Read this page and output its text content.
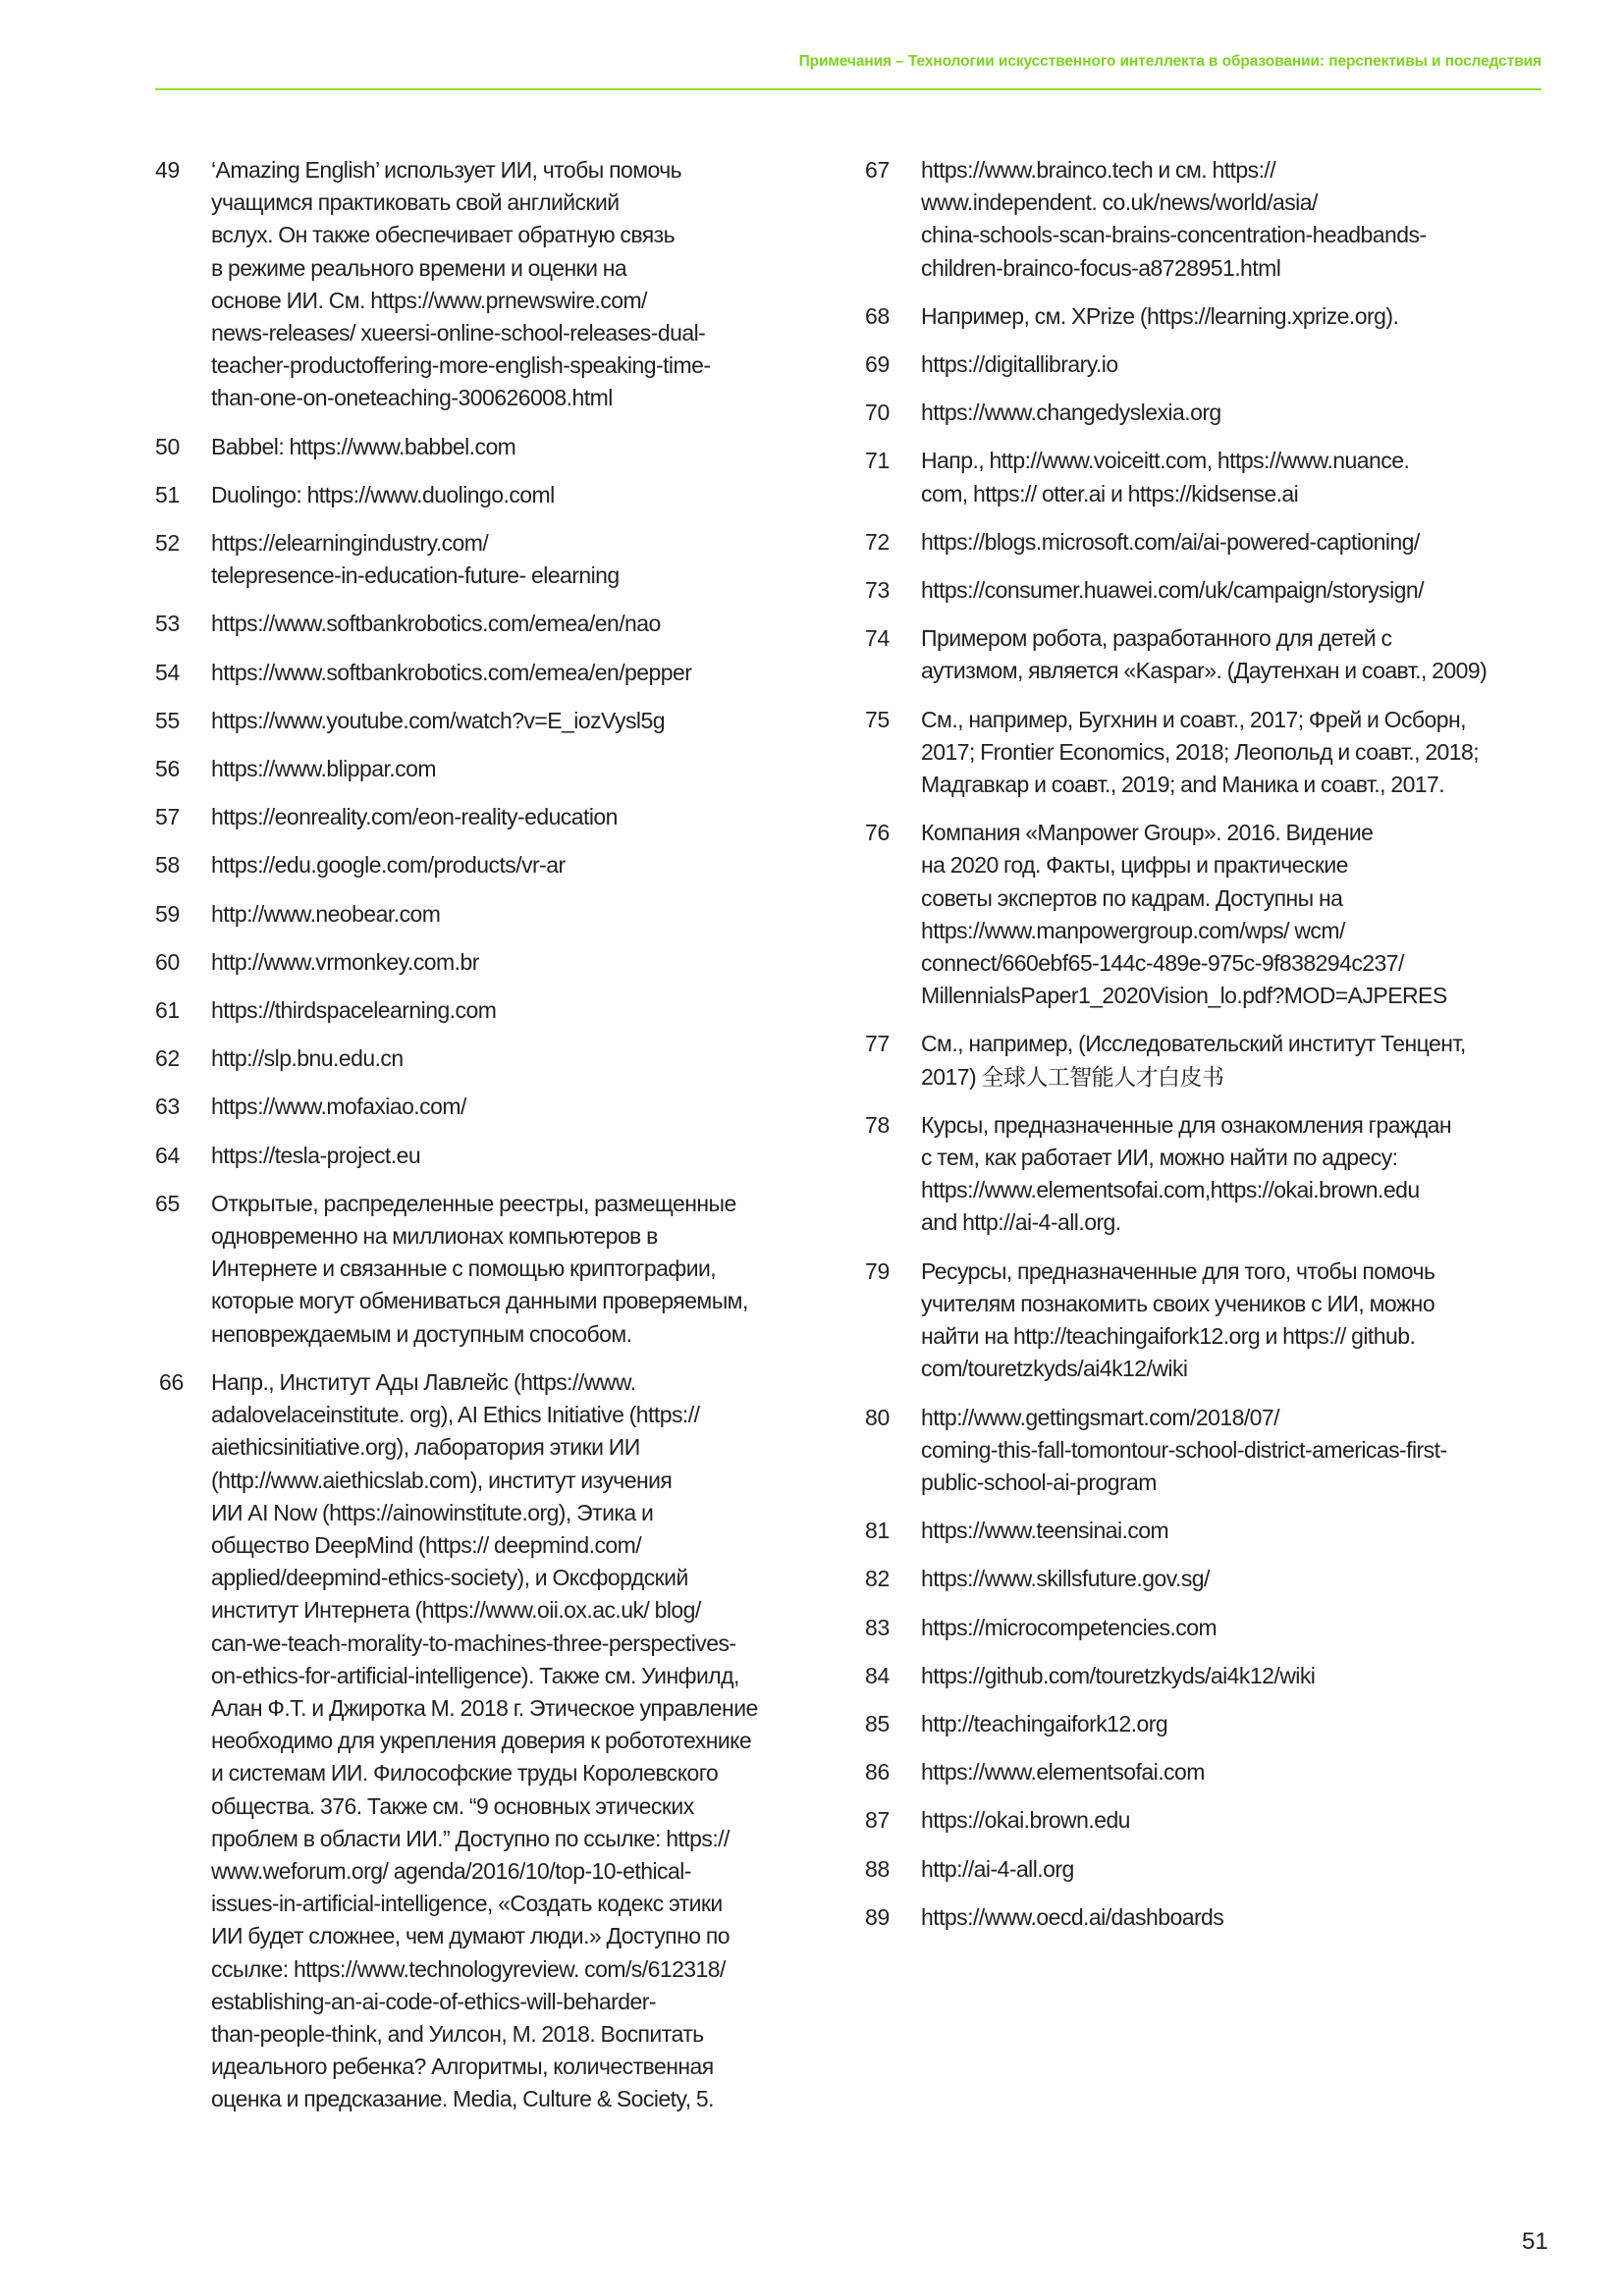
Примечания – Технологии искусственного интеллекта в образовании: перспективы и последствия
49	‘Amazing English’ использует ИИ, чтобы помочь
учащимся практиковать свой английский
вслух. Он также обеспечивает обратную связь
в режиме реального времени и оценки на
основе ИИ. См. https://www.prnewswire.com/
news-releases/ xueersi-online-school-releases-dual-
teacher-productoffering-more-english-speaking-time-
than-one-on-oneteaching-300626008.html
50	Babbel: https://www.babbel.com
51	Duolingo: https://www.duolingo.coml
52	https://elearningindustry.com/
telepresence-in-education-future- elearning
53	https://www.softbankrobotics.com/emea/en/nao
54	https://www.softbankrobotics.com/emea/en/pepper
55	https://www.youtube.com/watch?v=E_iozVysl5g
56	https://www.blippar.com
57	https://eonreality.com/eon-reality-education
58	https://edu.google.com/products/vr-ar
59	http://www.neobear.com
60	http://www.vrmonkey.com.br
61	https://thirdspacelearning.com
62	http://slp.bnu.edu.cn
63	https://www.mofaxiao.com/
64	https://tesla-project.eu
65	Открытые, распределенные реестры, размещенные
одновременно на миллионах компьютеров в
Интернете и связанные с помощью криптографии,
которые могут обмениваться данными проверяемым,
неповреждаемым и доступным способом.
66	Напр., Институт Ады Лавлейс (https://www.
adalovelaceinstitute. org), AI Ethics Initiative (https://
aiethicsinitiative.org), лаборатория этики ИИ
(http://www.aiethicslab.com), институт изучения
ИИ AI Now (https://ainowinstitute.org), Этика и
общество DeepMind (https:// deepmind.com/
applied/deepmind-ethics-society), и Оксфордский
институт Интернета (https://www.oii.ox.ac.uk/ blog/
can-we-teach-morality-to-machines-three-perspectives-
on-ethics-for-artificial-intelligence). Также см. Уинфилд,
Алан Ф.Т. и Джиротка М. 2018 г. Этическое управление
необходимо для укрепления доверия к робототехнике
и системам ИИ. Философские труды Королевского
общества. 376. Также см. “9 основных этических
проблем в области ИИ.” Доступно по ссылке: https://
www.weforum.org/ agenda/2016/10/top-10-ethical-
issues-in-artificial-intelligence, «Создать кодекс этики
ИИ будет сложнее, чем думают люди.» Доступно по
ссылке: https://www.technologyreview. com/s/612318/
establishing-an-ai-code-of-ethics-will-beharder-
than-people-think, and Уилсон, М. 2018. Воспитать
идеального ребенка? Алгоритмы, количественная
оценка и предсказание. Media, Culture & Society, 5.
67	https://www.brainco.tech и см. https://
www.independent. co.uk/news/world/asia/
china-schools-scan-brains-concentration-headbands-
children-brainco-focus-a8728951.html
68	Например, см. XPrize (https://learning.xprize.org).
69	https://digitallibrary.io
70	https://www.changedyslexia.org
71	Напр., http://www.voiceitt.com, https://www.nuance.
com, https:// otter.ai и https://kidsense.ai
72	https://blogs.microsoft.com/ai/ai-powered-captioning/
73	https://consumer.huawei.com/uk/campaign/storysign/
74	Примером робота, разработанного для детей с
аутизмом, является «Kaspar». (Даутенхан и соавт., 2009)
75	См., например, Бугхнин и соавт., 2017; Фрей и Осборн,
2017; Frontier Economics, 2018; Леопольд и соавт., 2018;
Мадгавкар и соавт., 2019; and Маника и соавт., 2017.
76	Компания «Manpower Group». 2016. Видение
на 2020 год. Факты, цифры и практические
советы экспертов по кадрам. Доступны на
https://www.manpowergroup.com/wps/ wcm/
connect/660ebf65-144c-489e-975c-9f838294c237/
MillennialsPaper1_2020Vision_lo.pdf?MOD=AJPERES
77	См., например, (Исследовательский институт Тенцент,
2017) 全球人工智能人才白皮书
78	Курсы, предназначенные для ознакомления граждан
с тем, как работает ИИ, можно найти по адресу:
https://www.elementsofai.com,https://okai.brown.edu
and http://ai-4-all.org.
79	Ресурсы, предназначенные для того, чтобы помочь
учителям познакомить своих учеников с ИИ, можно
найти на http://teachingaifork12.org и https:// github.
com/touretzkyds/ai4k12/wiki
80	http://www.gettingsmart.com/2018/07/
coming-this-fall-tomontour-school-district-americas-first-
public-school-ai-program
81	https://www.teensinai.com
82	https://www.skillsfuture.gov.sg/
83	https://microcompetencies.com
84	https://github.com/touretzkyds/ai4k12/wiki
85	http://teachingaifork12.org
86	https://www.elementsofai.com
87	https://okai.brown.edu
88	http://ai-4-all.org
89	https://www.oecd.ai/dashboards
51
